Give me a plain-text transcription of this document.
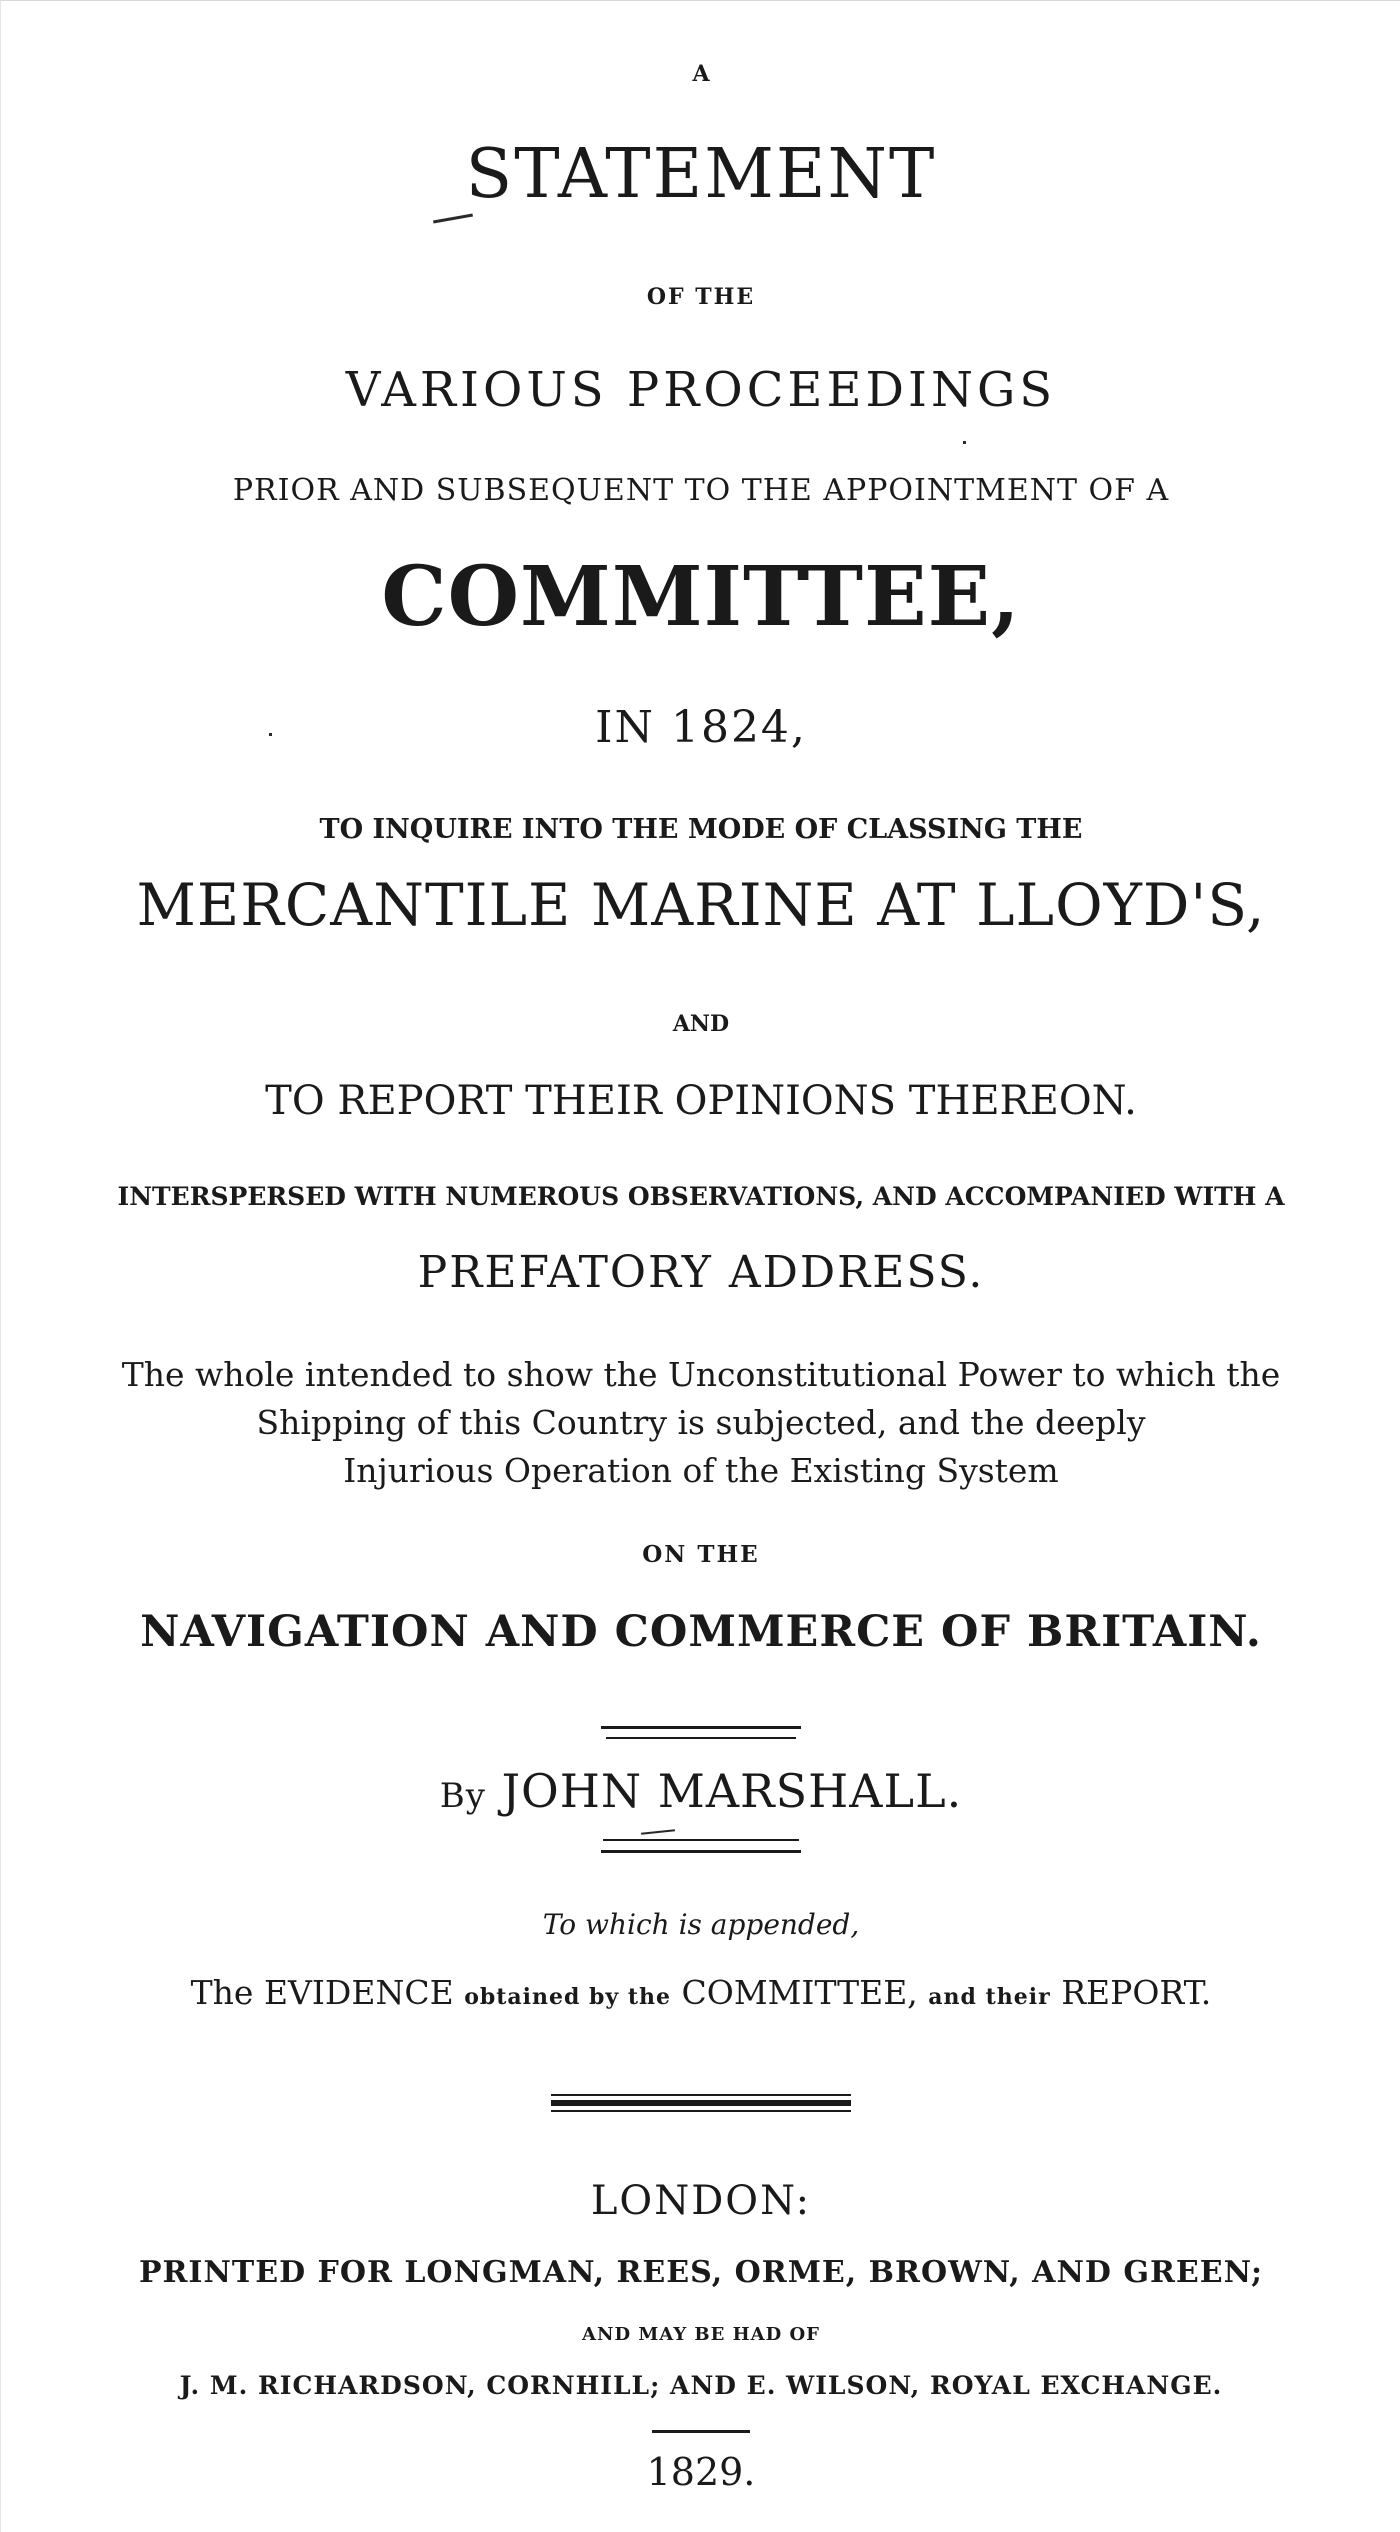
A
STATEMENT
OF THE
VARIOUS PROCEEDINGS
PRIOR AND SUBSEQUENT TO THE APPOINTMENT OF A
COMMITTEE,
IN 1824,
TO INQUIRE INTO THE MODE OF CLASSING THE
MERCANTILE MARINE AT LLOYD'S,
AND
TO REPORT THEIR OPINIONS THEREON.
INTERSPERSED WITH NUMEROUS OBSERVATIONS, AND ACCOMPANIED WITH A
PREFATORY ADDRESS.
The whole intended to show the Unconstitutional Power to which the
Shipping of this Country is subjected, and the deeply
Injurious Operation of the Existing System
ON THE
NAVIGATION AND COMMERCE OF BRITAIN.
By JOHN MARSHALL.
To which is appended,
The EVIDENCE obtained by the COMMITTEE, and their REPORT.
LONDON:
PRINTED FOR LONGMAN, REES, ORME, BROWN, AND GREEN;
AND MAY BE HAD OF
J. M. RICHARDSON, CORNHILL; AND E. WILSON, ROYAL EXCHANGE.
1829.
